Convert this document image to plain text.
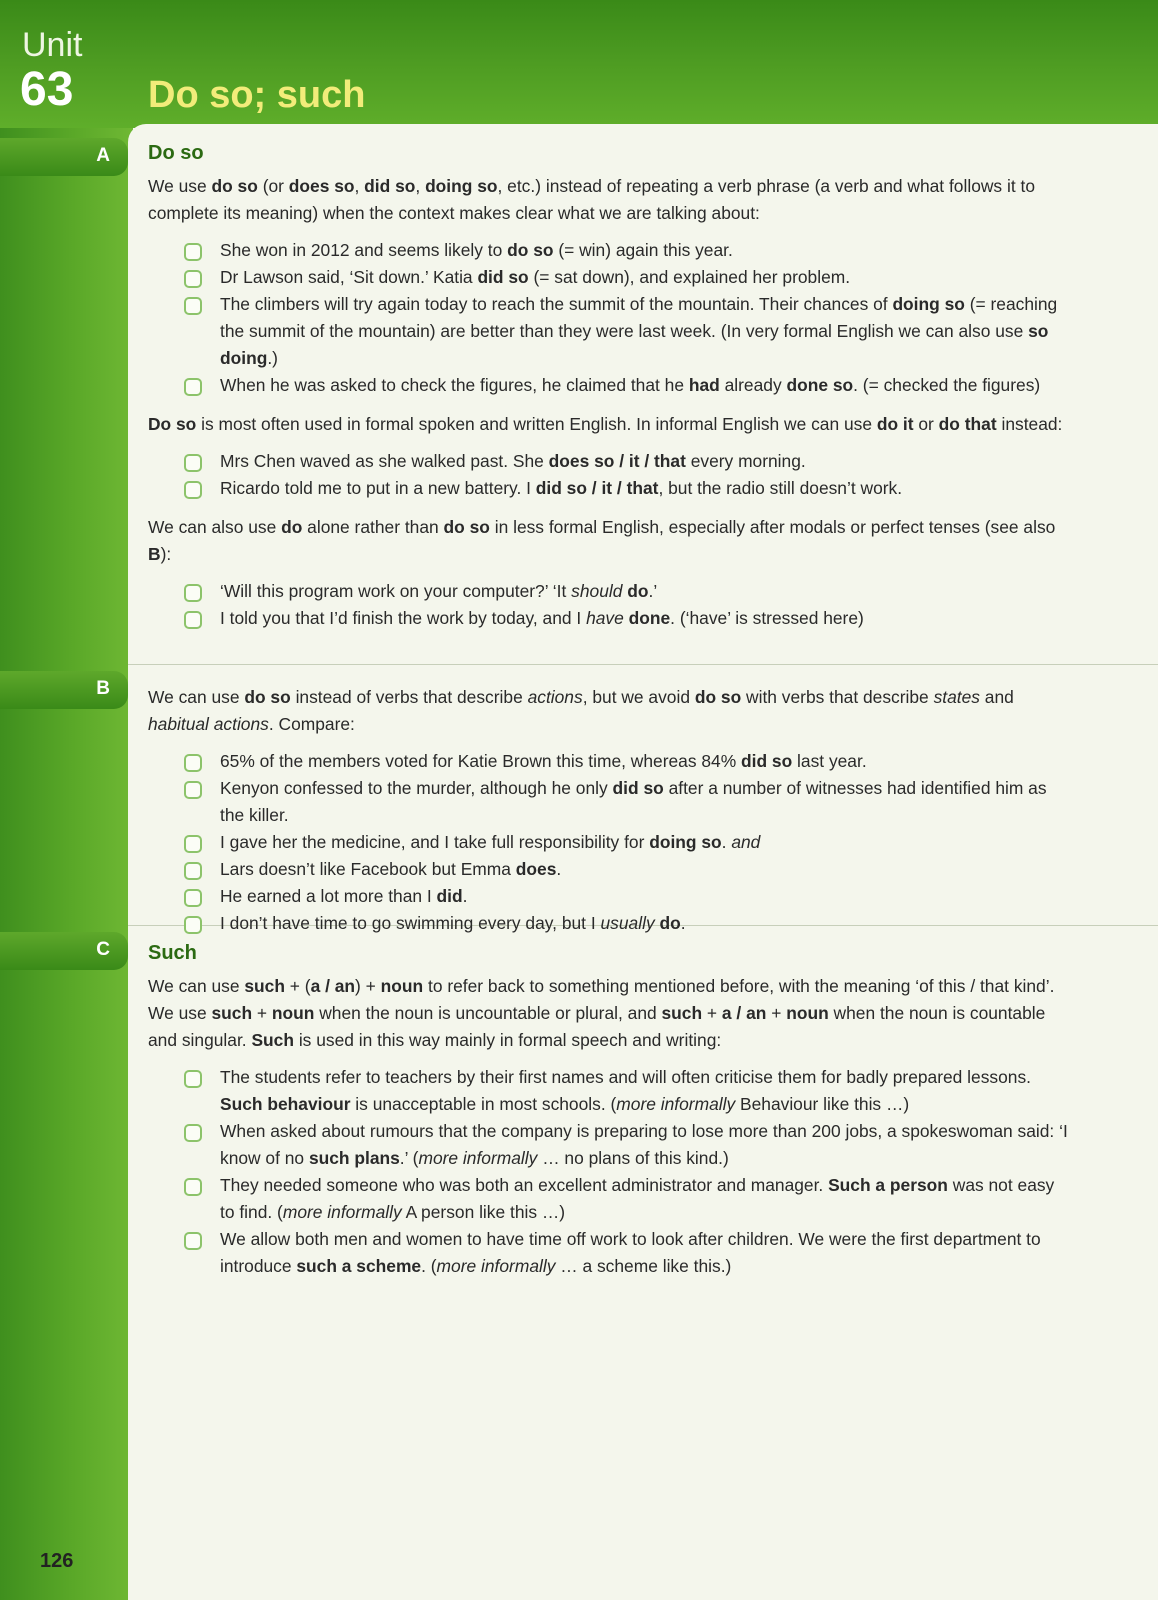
Unit
63 Do so; such
A
B
C
Do so

We use do so (or does so, did so, doing so, etc.) instead of repeating a verb phrase (a verb and what follows it to complete its meaning) when the context makes clear what we are talking about:

She won in 2012 and seems likely to do so (= win) again this year.
Dr Lawson said, ‘Sit down.’ Katia did so (= sat down), and explained her problem.
The climbers will try again today to reach the summit of the mountain. Their chances of doing so (= reaching the summit of the mountain) are better than they were last week. (In very formal English we can also use so doing.)
When he was asked to check the figures, he claimed that he had already done so. (= checked the figures)

Do so is most often used in formal spoken and written English. In informal English we can use do it or do that instead:

Mrs Chen waved as she walked past. She does so / it / that every morning.
Ricardo told me to put in a new battery. I did so / it / that, but the radio still doesn’t work.

We can also use do alone rather than do so in less formal English, especially after modals or perfect tenses (see also B):

‘Will this program work on your computer?’ ‘It should do.’
I told you that I’d finish the work by today, and I have done. (‘have’ is stressed here)

We can use do so instead of verbs that describe actions, but we avoid do so with verbs that describe states and habitual actions. Compare:

65% of the members voted for Katie Brown this time, whereas 84% did so last year.
Kenyon confessed to the murder, although he only did so after a number of witnesses had identified him as the killer.
I gave her the medicine, and I take full responsibility for doing so. and
Lars doesn’t like Facebook but Emma does.
He earned a lot more than I did.
I don’t have time to go swimming every day, but I usually do.
Such

We can use such + (a / an) + noun to refer back to something mentioned before, with the meaning ‘of this / that kind’. We use such + noun when the noun is uncountable or plural, and such + a / an + noun when the noun is countable and singular. Such is used in this way mainly in formal speech and writing:

The students refer to teachers by their first names and will often criticise them for badly prepared lessons. Such behaviour is unacceptable in most schools. (more informally Behaviour like this …)
When asked about rumours that the company is preparing to lose more than 200 jobs, a spokeswoman said: ‘I know of no such plans.’ (more informally … no plans of this kind.)
They needed someone who was both an excellent administrator and manager. Such a person was not easy to find. (more informally A person like this …)
We allow both men and women to have time off work to look after children. We were the first department to introduce such a scheme. (more informally … a scheme like this.)
126
